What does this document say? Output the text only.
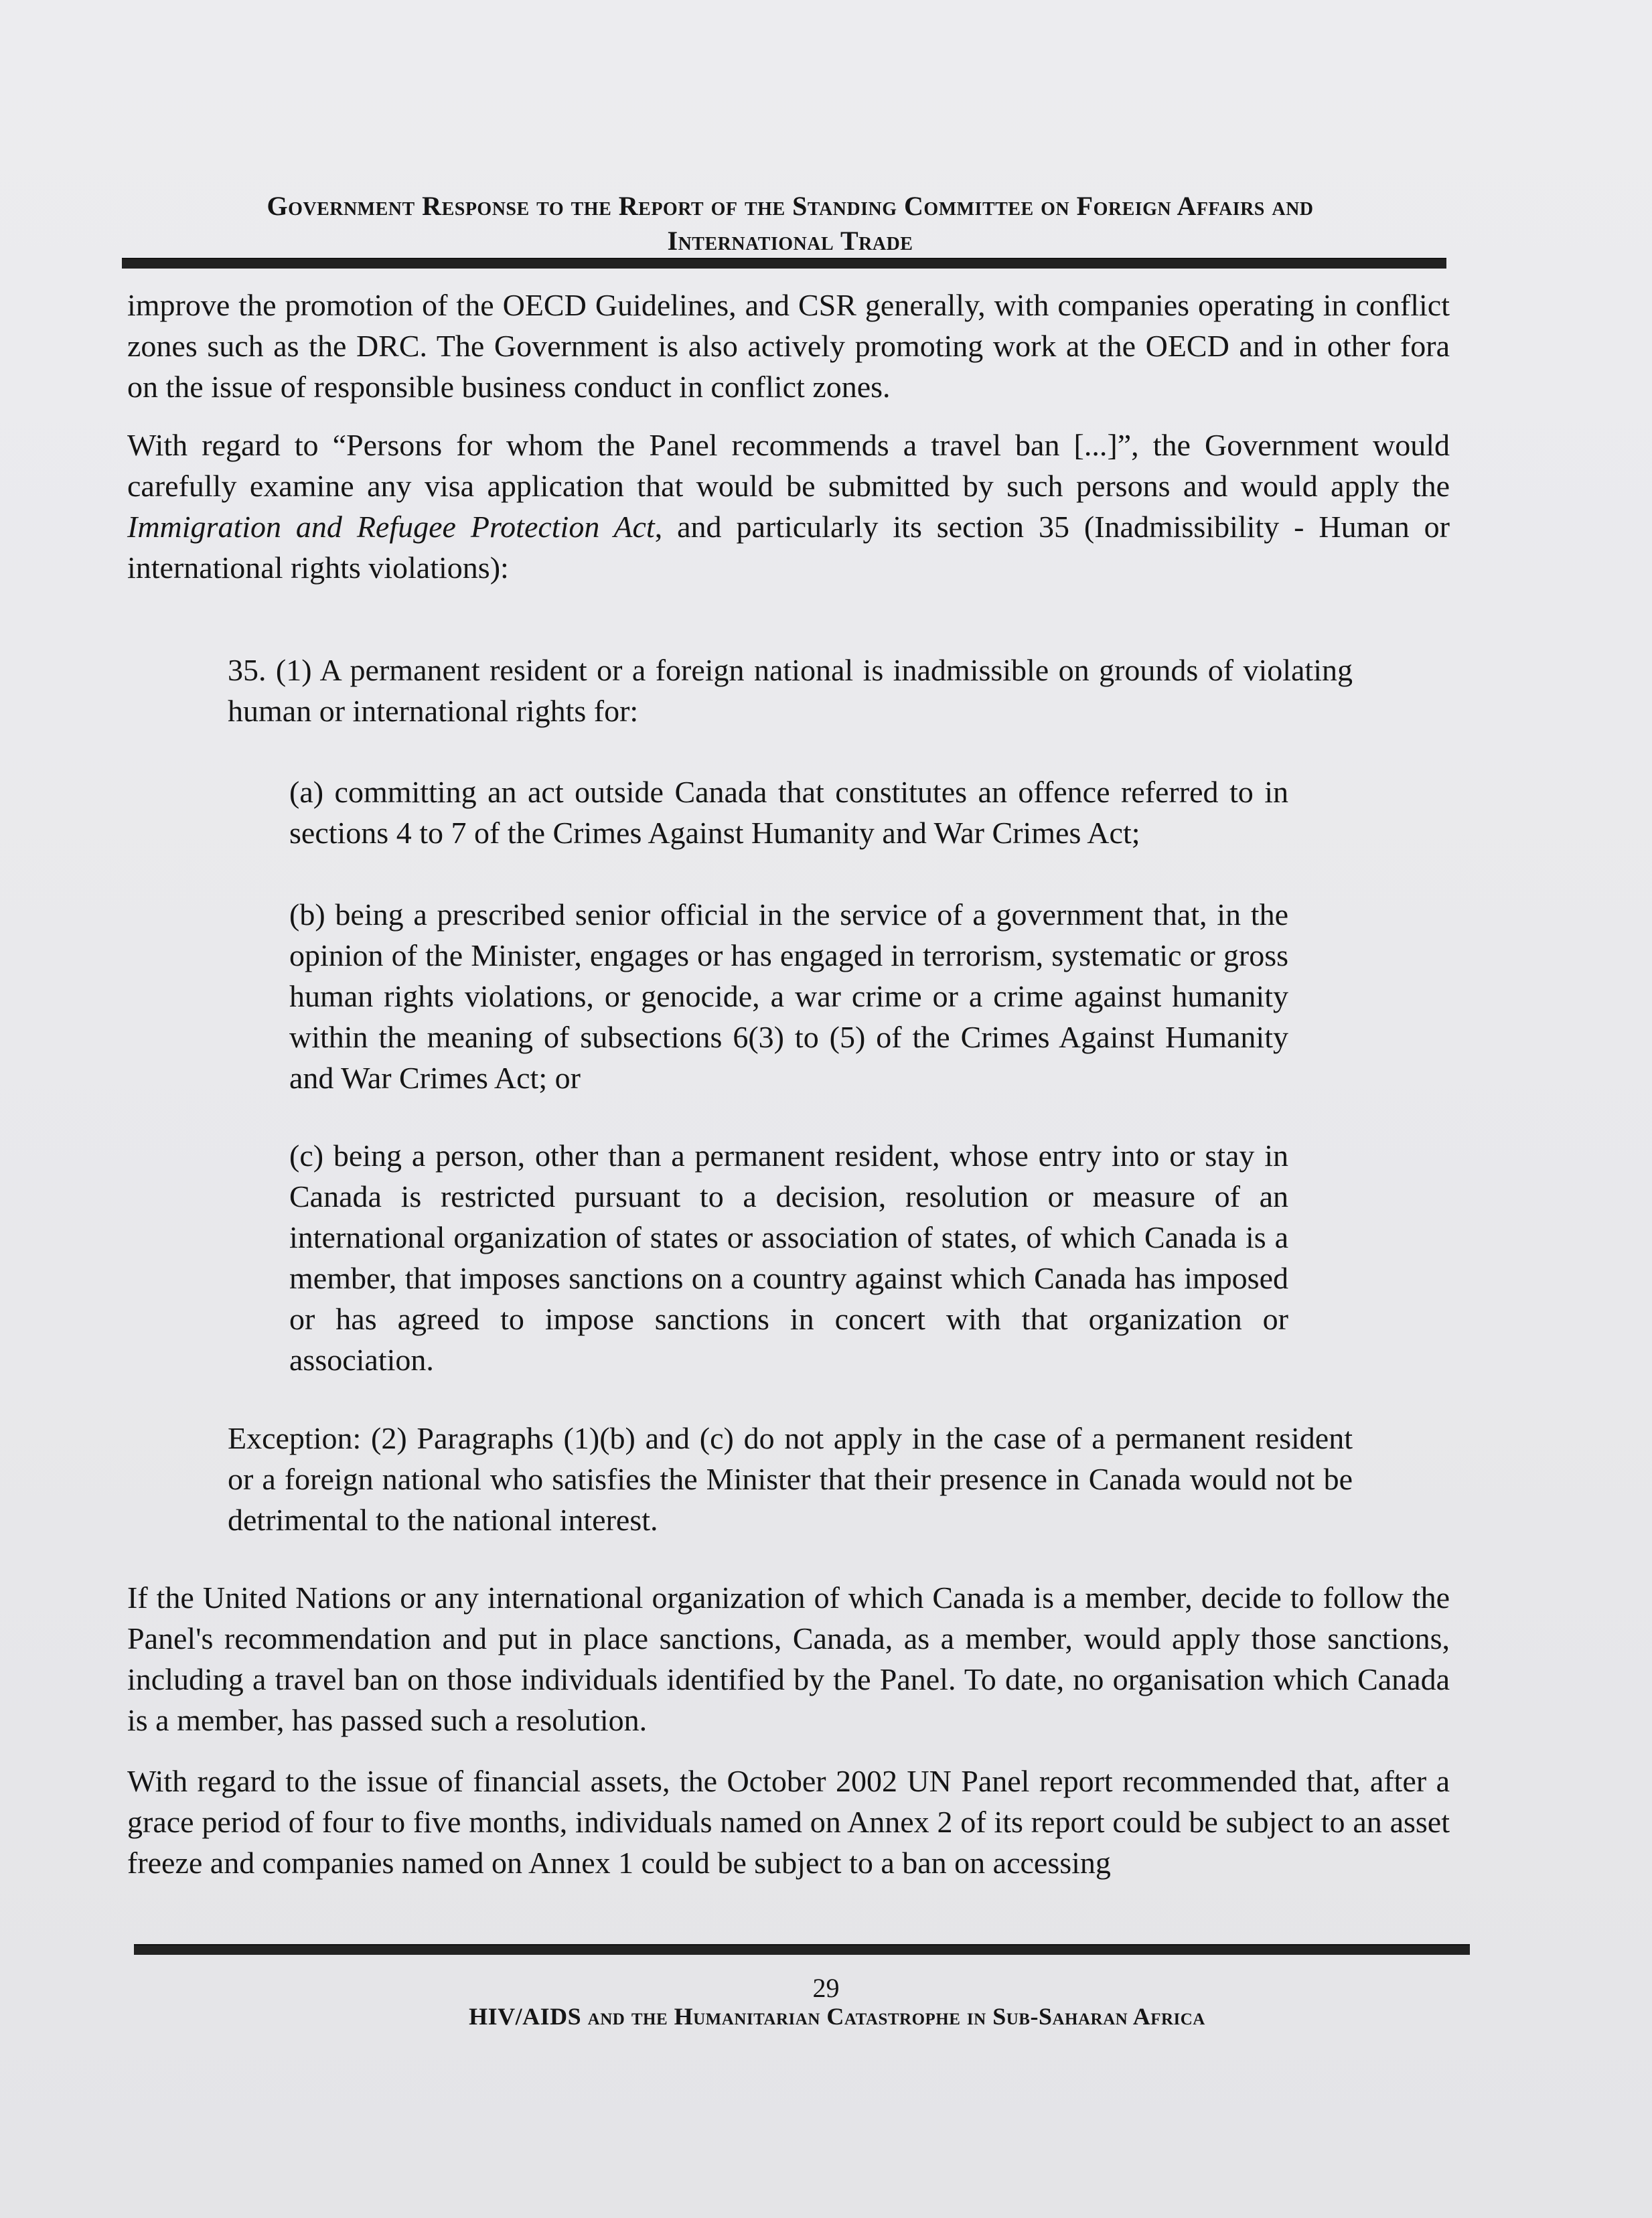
Government Response to the Report of the Standing Committee on Foreign Affairs and
International Trade

improve the promotion of the OECD Guidelines, and CSR generally, with companies operating in conflict zones such as the DRC. The Government is also actively promoting work at the OECD and in other fora on the issue of responsible business conduct in conflict zones.

With regard to “Persons for whom the Panel recommends a travel ban [...]”, the Government would carefully examine any visa application that would be submitted by such persons and would apply the Immigration and Refugee Protection Act, and particularly its section 35 (Inadmissibility - Human or international rights violations):

35. (1) A permanent resident or a foreign national is inadmissible on grounds of violating human or international rights for:

(a) committing an act outside Canada that constitutes an offence referred to in sections 4 to 7 of the Crimes Against Humanity and War Crimes Act;

(b) being a prescribed senior official in the service of a government that, in the opinion of the Minister, engages or has engaged in terrorism, systematic or gross human rights violations, or genocide, a war crime or a crime against humanity within the meaning of subsections 6(3) to (5) of the Crimes Against Humanity and War Crimes Act; or

(c) being a person, other than a permanent resident, whose entry into or stay in Canada is restricted pursuant to a decision, resolution or measure of an international organization of states or association of states, of which Canada is a member, that imposes sanctions on a country against which Canada has imposed or has agreed to impose sanctions in concert with that organization or association.

Exception: (2) Paragraphs (1)(b) and (c) do not apply in the case of a permanent resident or a foreign national who satisfies the Minister that their presence in Canada would not be detrimental to the national interest.

If the United Nations or any international organization of which Canada is a member, decide to follow the Panel's recommendation and put in place sanctions, Canada, as a member, would apply those sanctions, including a travel ban on those individuals identified by the Panel. To date, no organisation which Canada is a member, has passed such a resolution.

With regard to the issue of financial assets, the October 2002 UN Panel report recommended that, after a grace period of four to five months, individuals named on Annex 2 of its report could be subject to an asset freeze and companies named on Annex 1 could be subject to a ban on accessing

29
HIV/AIDS and the Humanitarian Catastrophe in Sub-Saharan Africa
